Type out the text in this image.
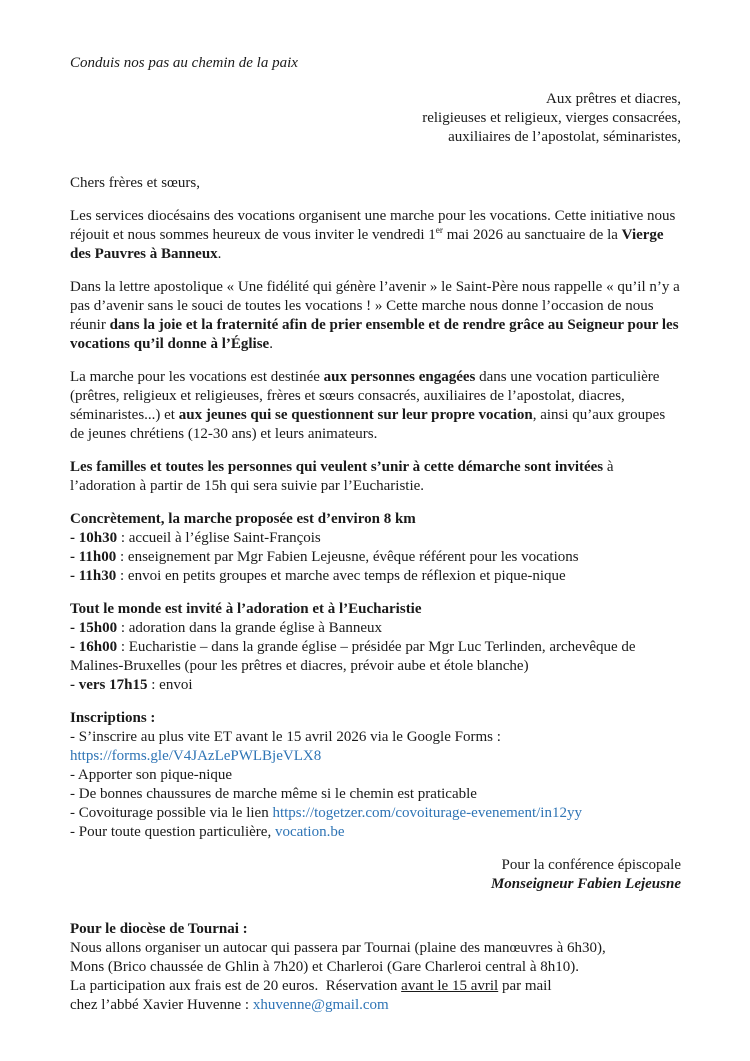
Conduis nos pas au chemin de la paix
Aux prêtres et diacres,
religieuses et religieux, vierges consacrées,
auxiliaires de l’apostolat, séminaristes,
Chers frères et sœurs,
Les services diocésains des vocations organisent une marche pour les vocations. Cette initiative nous réjouit et nous sommes heureux de vous inviter le vendredi 1er mai 2026 au sanctuaire de la Vierge des Pauvres à Banneux.
Dans la lettre apostolique « Une fidélité qui génère l’avenir » le Saint-Père nous rappelle « qu’il n’y a pas d’avenir sans le souci de toutes les vocations ! » Cette marche nous donne l’occasion de nous réunir dans la joie et la fraternité afin de prier ensemble et de rendre grâce au Seigneur pour les vocations qu’il donne à l’Église.
La marche pour les vocations est destinée aux personnes engagées dans une vocation particulière (prêtres, religieux et religieuses, frères et sœurs consacrés, auxiliaires de l’apostolat, diacres, séminaristes...) et aux jeunes qui se questionnent sur leur propre vocation, ainsi qu’aux groupes de jeunes chrétiens (12-30 ans) et leurs animateurs.
Les familles et toutes les personnes qui veulent s’unir à cette démarche sont invitées à l’adoration à partir de 15h qui sera suivie par l’Eucharistie.
Concrètement, la marche proposée est d’environ 8 km
- 10h30 : accueil à l’église Saint-François
- 11h00 : enseignement par Mgr Fabien Lejeusne, évêque référent pour les vocations
- 11h30 : envoi en petits groupes et marche avec temps de réflexion et pique-nique
Tout le monde est invité à l’adoration et à l’Eucharistie
- 15h00 : adoration dans la grande église à Banneux
- 16h00 : Eucharistie – dans la grande église – présidée par Mgr Luc Terlinden, archevêque de Malines-Bruxelles (pour les prêtres et diacres, prévoir aube et étole blanche)
- vers 17h15 : envoi
Inscriptions :
- S’inscrire au plus vite ET avant le 15 avril 2026 via le Google Forms :
https://forms.gle/V4JAzLePWLBjeVLX8
- Apporter son pique-nique
- De bonnes chaussures de marche même si le chemin est praticable
- Covoiturage possible via le lien https://togetzer.com/covoiturage-evenement/in12yy
- Pour toute question particulière, vocation.be
Pour la conférence épiscopale
Monseigneur Fabien Lejeusne
Pour le diocèse de Tournai :
Nous allons organiser un autocar qui passera par Tournai (plaine des manœuvres à 6h30),
Mons (Brico chaussée de Ghlin à 7h20) et Charleroi (Gare Charleroi central à 8h10).
La participation aux frais est de 20 euros.  Réservation avant le 15 avril par mail
chez l’abbé Xavier Huvenne : xhuvenne@gmail.com
